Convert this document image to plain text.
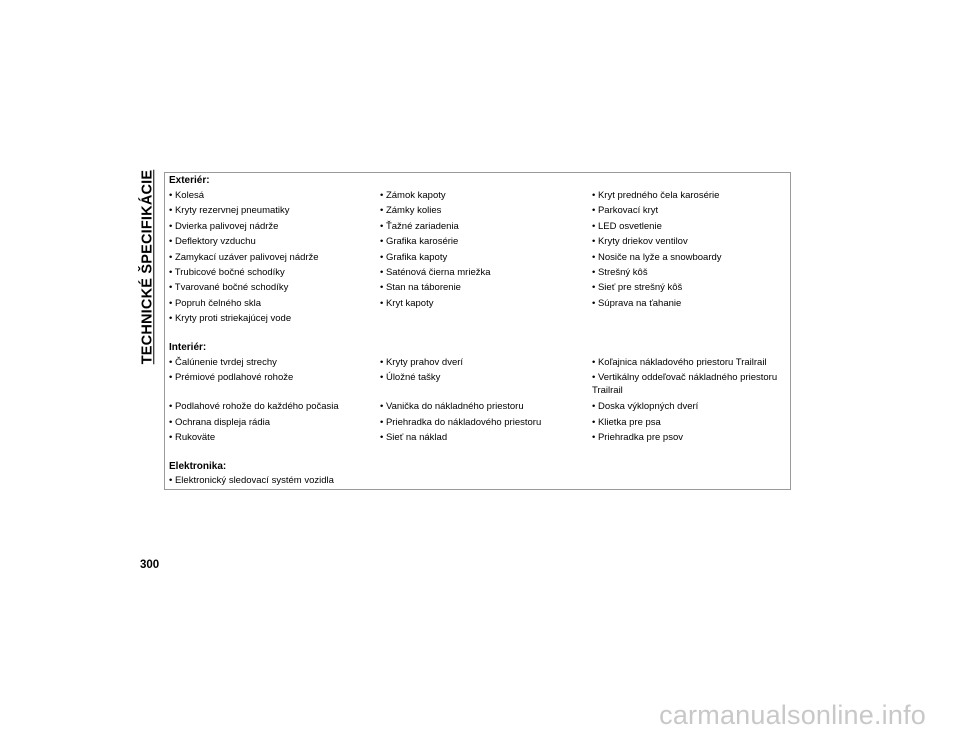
TECHNICKÉ ŠPECIFIKÁCIE Exteriér:
• Kolesá	• Zámok kapoty	• Kryt predného čela karosérie
• Kryty rezervnej pneumatiky	• Zámky kolies	• Parkovací kryt
• Dvierka palivovej nádrže	• Ťažné zariadenia	• LED osvetlenie
• Deflektory vzduchu	• Grafika karosérie	• Kryty driekov ventilov
• Zamykací uzáver palivovej nádrže	• Grafika kapoty	• Nosiče na lyže a snowboardy
• Trubicové bočné schodíky	• Saténová čierna mriežka	• Strešný kôš
• Tvarované bočné schodíky	• Stan na táborenie	• Sieť pre strešný kôš
• Popruh čelného skla	• Kryt kapoty	• Súprava na ťahanie
• Kryty proti striekajúcej vode
Interiér:
• Čalúnenie tvrdej strechy	• Kryty prahov dverí	• Koľajnica nákladového priestoru Trailrail
• Prémiové podlahové rohože	• Úložné tašky	• Vertikálny oddeľovač nákladného priestoru Trailrail
• Podlahové rohože do každého počasia	• Vanička do nákladného priestoru	• Doska výklopných dverí
• Ochrana displeja rádia	• Priehradka do nákladového priestoru	• Klietka pre psa
• Rukoväte	• Sieť na náklad	• Priehradka pre psov
Elektronika:
• Elektronický sledovací systém vozidla
300
carmanualsonline.info
